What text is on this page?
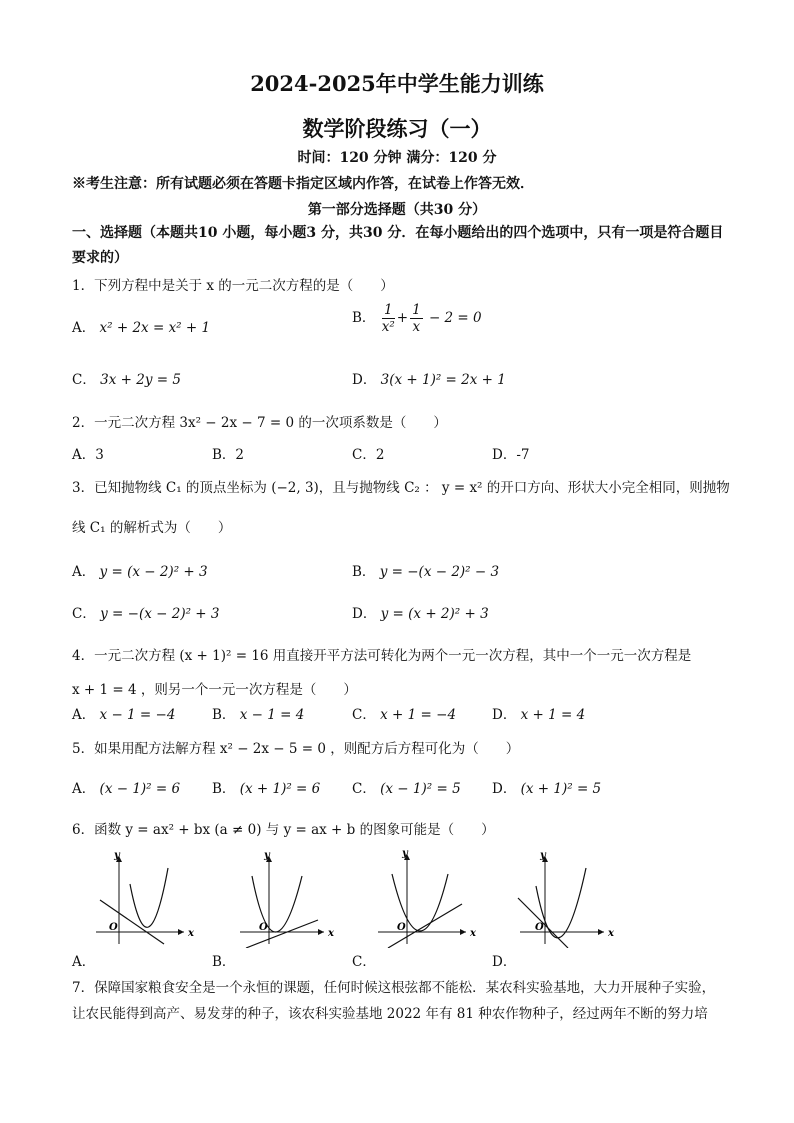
2024-2025年中学生能力训练
数学阶段练习（一）
时间：120 分钟 满分：120 分
※考生注意：所有试题必须在答题卡指定区域内作答，在试卷上作答无效．
第一部分选择题（共30 分）
一、选择题（本题共10 小题，每小题3 分，共30 分．在每小题给出的四个选项中，只有一项是符合题目要求的）
1．下列方程中是关于 x 的一元二次方程的是（　　）
A． x² + 2x = x² + 1
B． $\frac{1}{\text{x²}} + \frac{1}{x} - 2 = 0$
C． 3x + 2y = 5	D． 3(x + 1)² = 2x + 1
2．一元二次方程 3x² − 2x − 7 = 0 的一次项系数是（　　）
A．3	B．2	C．2	D．-7
3．已知抛物线 C₁ 的顶点坐标为 (−2, 3)，且与抛物线 C₂ ： y = x² 的开口方向、形状大小完全相同，则抛物
线 C₁ 的解析式为（　　）
A． y = (x − 2)² + 3	B． y = −(x − 2)² − 3
C． y = −(x − 2)² + 3	D． y = (x + 2)² + 3
4．一元二次方程 (x + 1)² = 16 用直接开平方法可转化为两个一元一次方程，其中一个一元一次方程是
x + 1 = 4 ，则另一个一元一次方程是（　　）
A． x − 1 = −4	B． x − 1 = 4	C． x + 1 = −4	D． x + 1 = 4
5．如果用配方法解方程 x² − 2x − 5 = 0 ，则配方后方程可化为（　　）
A． (x − 1)² = 6 B． (x + 1)² = 6 C． (x − 1)² = 5 D． (x + 1)² = 5
6．函数 y = ax² + bx (a ≠ 0) 与 y = ax + b 的图象可能是（　　）
x
y
O
x
y
O
x
y
O
x
y
O
A．	B．	C．	D．
7．保障国家粮食安全是一个永恒的课题，任何时候这根弦都不能松．某农科实验基地，大力开展种子实验，
让农民能得到高产、易发芽的种子，该农科实验基地 2022 年有 81 种农作物种子，经过两年不断的努力培
